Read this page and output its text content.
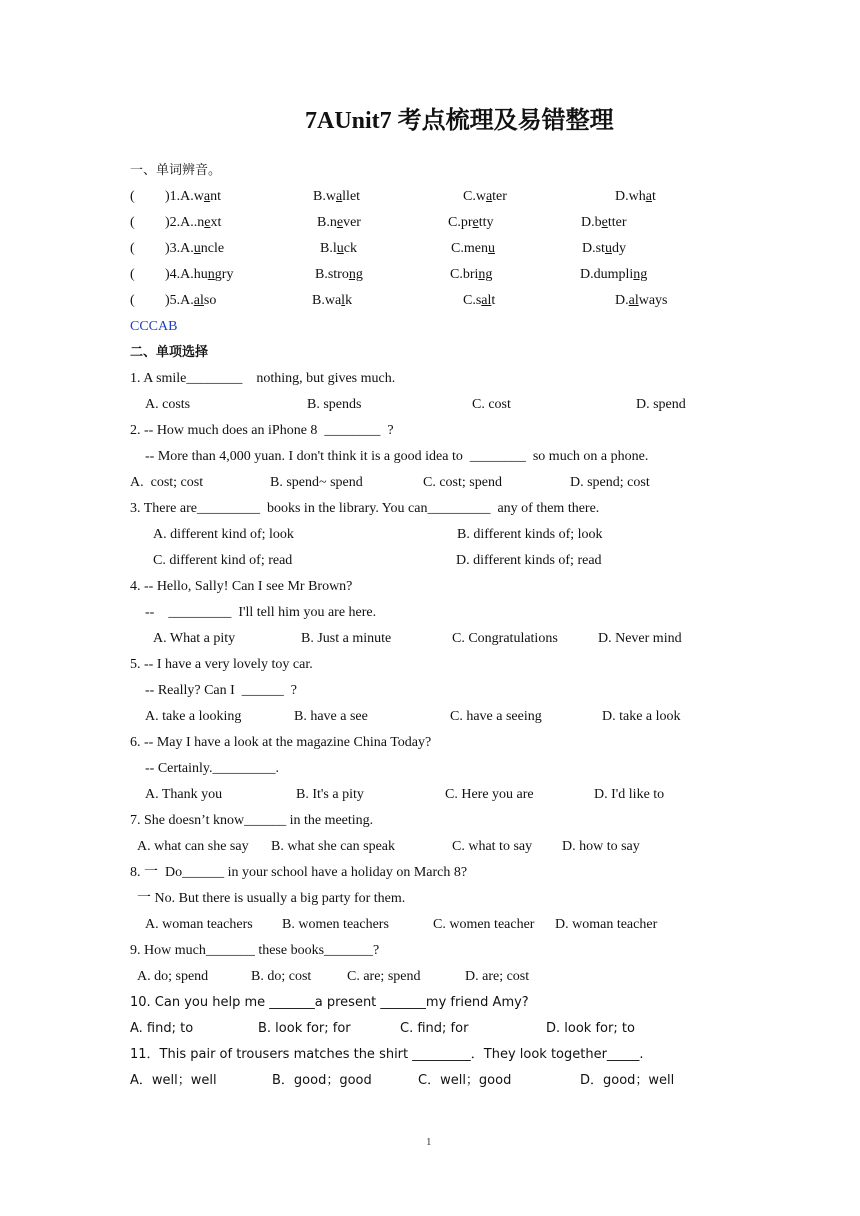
7AUnit7 考点梳理及易错整理
一、单词辨音。
( )1.A.want	B.wallet	C.water	D.what
( )2.A..next	B.never	C.pretty	D.better
( )3.A.uncle	B.luck	C.menu	D.study
( )4.A.hungry	B.strong	C.bring	D.dumpling
( )5.A.also	B.walk	C.salt	D.always
CCCAB
二、单项选择
1. A smile________    nothing, but gives much.
A. costs	B. spends	C. cost	D. spend
2. -- How much does an iPhone 8  ________  ?
-- More than 4,000 yuan. I don't think it is a good idea to  ________  so much on a phone.
A.  cost; cost	B. spend~ spend	C. cost; spend	D. spend; cost
3. There are_________  books in the library. You can_________  any of them there.
A. different kind of; look	B. different kinds of; look
C. different kind of; read	D. different kinds of; read
4. -- Hello, Sally! Can I see Mr Brown?
--    _________  I'll tell him you are here.
A. What a pity	B. Just a minute	C. Congratulations	D. Never mind
5. -- I have a very lovely toy car.
-- Really? Can I  ______  ?
A. take a looking	B. have a see	C. have a seeing	D. take a look
6. -- May I have a look at the magazine China Today?
-- Certainly._________.
A. Thank you	B. It's a pity	C. Here you are	D. I'd like to
7. She doesn’t know______ in the meeting.
A. what can she say B. what she can speak	C. what to say D. how to say
8. 一  Do______ in your school have a holiday on March 8?
一 No. But there is usually a big party for them.
A. woman teachers B. women teachers	C. women teacher D. woman teacher
9. How much_______ these books_______?
A. do; spend	B. do; cost	C. are; spend	D. are; cost
10. Can you help me _______a present _______my friend Amy?
A. find; to	B. look for; for	C. find; for	D. look for; to
11．This pair of trousers matches the shirt _________．They look together_____.
A．well；well	B．good；good	C．well；good	D．good；well
1
